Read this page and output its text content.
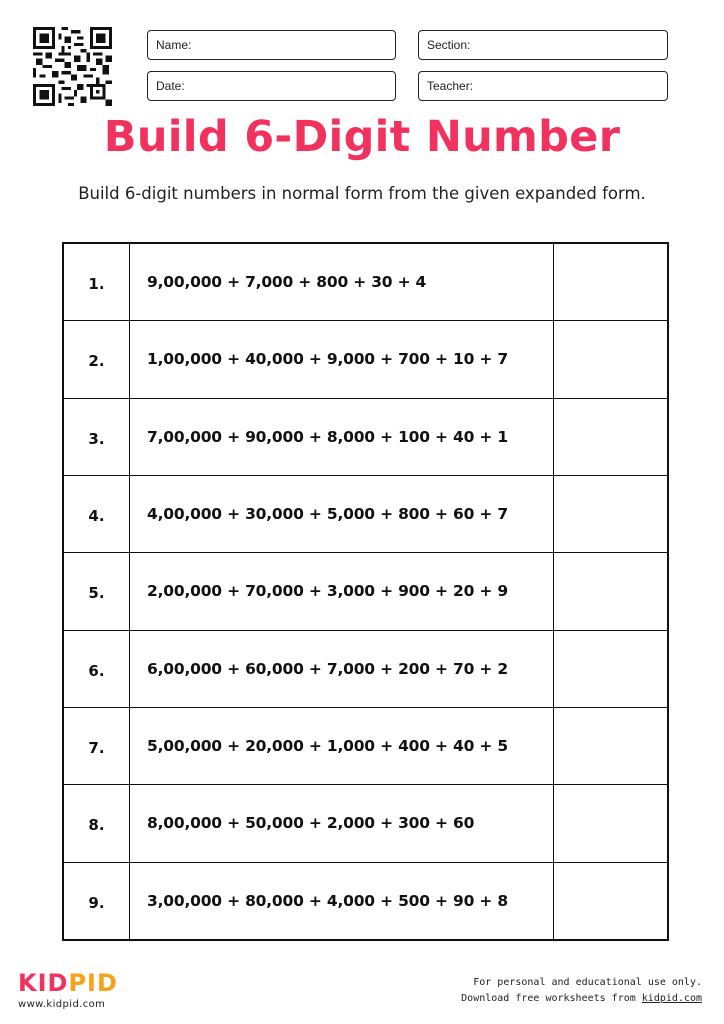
Name:	Section:
Date:	Teacher:
Build 6-Digit Number
Build 6-digit numbers in normal form from the given expanded form.
1.	9,00,000 + 7,000 + 800 + 30 + 4
2.	1,00,000 + 40,000 + 9,000 + 700 + 10 + 7
3.	7,00,000 + 90,000 + 8,000 + 100 + 40 + 1
4.	4,00,000 + 30,000 + 5,000 + 800 + 60 + 7
5.	2,00,000 + 70,000 + 3,000 + 900 + 20 + 9
6.	6,00,000 + 60,000 + 7,000 + 200 + 70 + 2
7.	5,00,000 + 20,000 + 1,000 + 400 + 40 + 5
8.	8,00,000 + 50,000 + 2,000 + 300 + 60
9.	3,00,000 + 80,000 + 4,000 + 500 + 90 + 8
KIDPID
www.kidpid.com
For personal and educational use only.
Download free worksheets from kidpid.com
